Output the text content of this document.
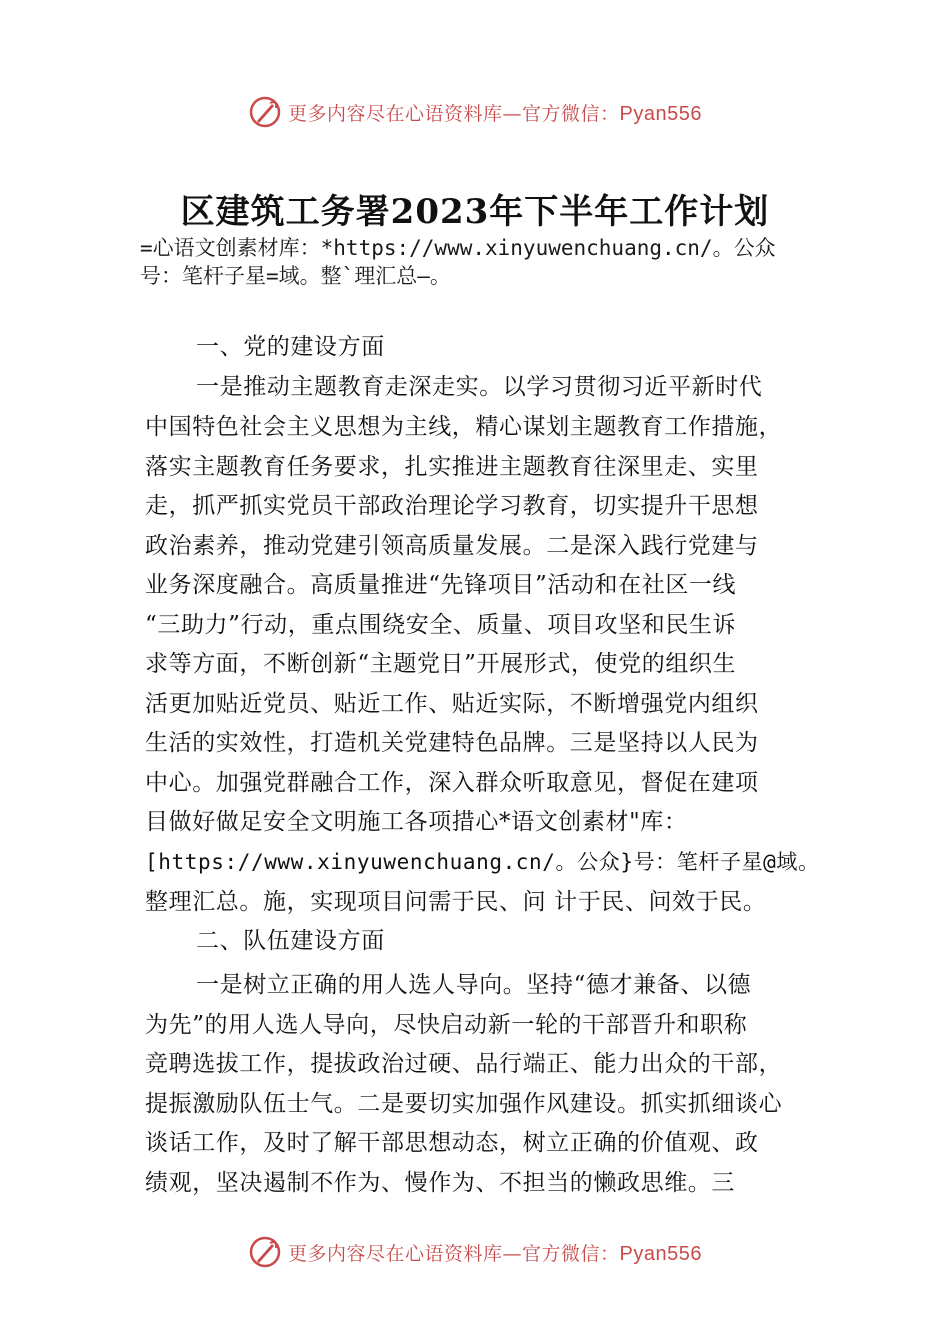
更多内容尽在心语资料库—官方微信：Pyan556
区建筑工务署2023年下半年工作计划
=心语文创素材库：*https://www.xinyuwenchuang.cn/。公众
号：笔杆子星=域。整`理汇总—。
一、党的建设方面
一是推动主题教育走深走实。以学习贯彻习近平新时代
中国特色社会主义思想为主线，精心谋划主题教育工作措施，
落实主题教育任务要求，扎实推进主题教育往深里走、实里
走，抓严抓实党员干部政治理论学习教育，切实提升干思想
政治素养，推动党建引领高质量发展。二是深入践行党建与
业务深度融合。高质量推进“先锋项目”活动和在社区一线
“三助力”行动，重点围绕安全、质量、项目攻坚和民生诉
求等方面，不断创新“主题党日”开展形式，使党的组织生
活更加贴近党员、贴近工作、贴近实际，不断增强党内组织
生活的实效性，打造机关党建特色品牌。三是坚持以人民为
中心。加强党群融合工作，深入群众听取意见，督促在建项
目做好做足安全文明施工各项措心*语文创素材"库：
[https://www.xinyuwenchuang.cn/。公众}号：笔杆子星@域。
整理汇总。施，实现项目问需于民、问 计于民、问效于民。
二、队伍建设方面
一是树立正确的用人选人导向。坚持“德才兼备、以德
为先”的用人选人导向，尽快启动新一轮的干部晋升和职称
竞聘选拔工作，提拔政治过硬、品行端正、能力出众的干部，
提振激励队伍士气。二是要切实加强作风建设。抓实抓细谈心
谈话工作，及时了解干部思想动态，树立正确的价值观、政
绩观，坚决遏制不作为、慢作为、不担当的懒政思维。三
更多内容尽在心语资料库—官方微信：Pyan556
